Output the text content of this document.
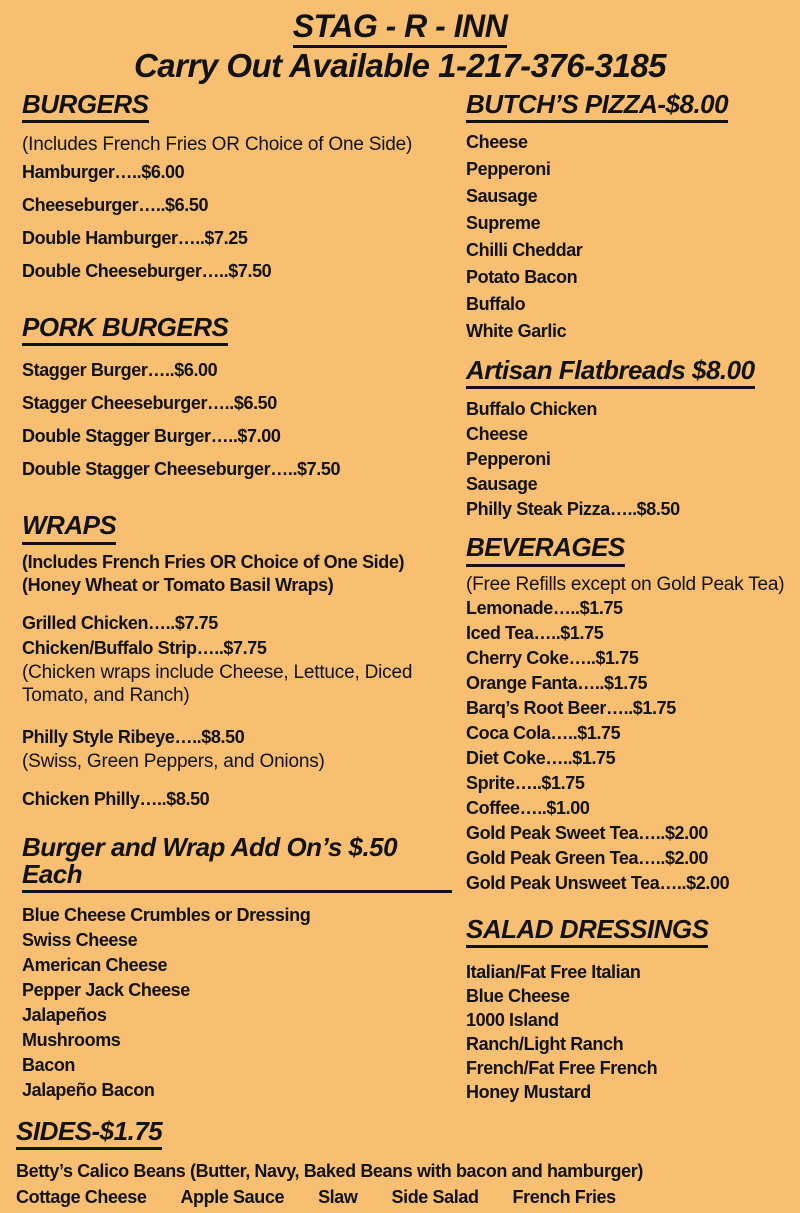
STAG - R - INN
Carry Out Available 1-217-376-3185
BURGERS
(Includes French Fries OR Choice of One Side)
Hamburger…..$6.00
Cheeseburger…..$6.50
Double Hamburger…..$7.25
Double Cheeseburger…..$7.50
PORK BURGERS
Stagger Burger…..$6.00
Stagger Cheeseburger…..$6.50
Double Stagger Burger…..$7.00
Double Stagger Cheeseburger…..$7.50
WRAPS
(Includes French Fries OR Choice of One Side)
(Honey Wheat or Tomato Basil Wraps)
Grilled Chicken…..$7.75
Chicken/Buffalo Strip…..$7.75
(Chicken wraps include Cheese, Lettuce, Diced Tomato, and Ranch)
Philly Style Ribeye…..$8.50
(Swiss, Green Peppers, and Onions)
Chicken Philly…..$8.50
Burger and Wrap Add On’s $.50 Each
Blue Cheese Crumbles or Dressing
Swiss Cheese
American Cheese
Pepper Jack Cheese
Jalapeños
Mushrooms
Bacon
Jalapeño Bacon
BUTCH’S PIZZA-$8.00
Cheese
Pepperoni
Sausage
Supreme
Chilli Cheddar
Potato Bacon
Buffalo
White Garlic
Artisan Flatbreads $8.00
Buffalo Chicken
Cheese
Pepperoni
Sausage
Philly Steak Pizza…..$8.50
BEVERAGES
(Free Refills except on Gold Peak Tea)
Lemonade…..$1.75
Iced Tea…..$1.75
Cherry Coke…..$1.75
Orange Fanta…..$1.75
Barq’s Root Beer…..$1.75
Coca Cola…..$1.75
Diet Coke…..$1.75
Sprite…..$1.75
Coffee…..$1.00
Gold Peak Sweet Tea…..$2.00
Gold Peak Green Tea…..$2.00
Gold Peak Unsweet Tea…..$2.00
SALAD DRESSINGS
Italian/Fat Free Italian
Blue Cheese
1000 Island
Ranch/Light Ranch
French/Fat Free French
Honey Mustard
SIDES-$1.75
Betty’s Calico Beans (Butter, Navy, Baked Beans with bacon and hamburger)
Cottage Cheese Apple Sauce Slaw Side Salad French Fries
